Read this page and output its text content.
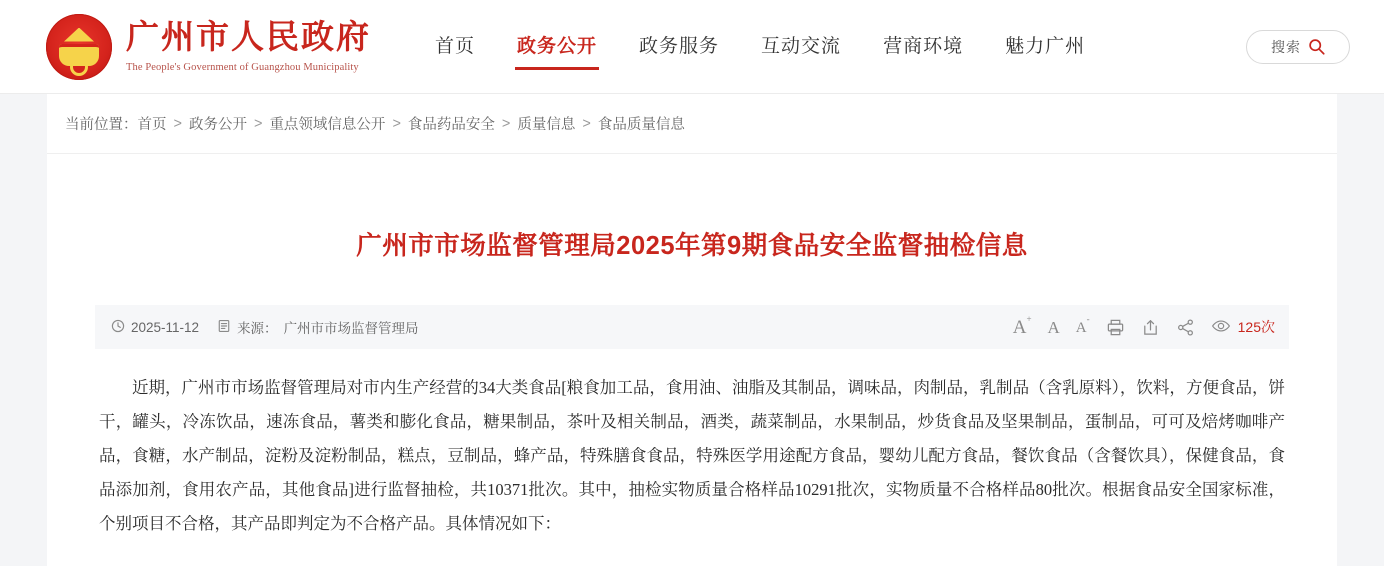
广州市人民政府
The People's Government of Guangzhou Municipality
首页 政务公开 政务服务 互动交流 营商环境 魅力广州	搜索
当前位置： 首页 > 政务公开 > 重点领域信息公开 > 食品药品安全 > 质量信息 > 食品质量信息
广州市市场监督管理局2025年第9期食品安全监督抽检信息
2025-11-12	来源： 广州市市场监督管理局	A+ A A-
125次

近期，广州市市场监督管理局对市内生产经营的34大类食品[粮食加工品，食用油、油脂及其制品，调味品，肉制品，乳制品（含乳原料），饮料，方便食品，饼干，罐头，冷冻饮品，速冻食品，薯类和膨化食品，糖果制品，茶叶及相关制品，酒类，蔬菜制品，水果制品，炒货食品及坚果制品，蛋制品，可可及焙烤咖啡产品，食糖，水产制品，淀粉及淀粉制品，糕点，豆制品，蜂产品，特殊膳食食品，特殊医学用途配方食品，婴幼儿配方食品，餐饮食品（含餐饮具），保健食品，食品添加剂，食用农产品，其他食品]进行监督抽检，共10371批次。其中，抽检实物质量合格样品10291批次，实物质量不合格样品80批次。根据食品安全国家标准，个别项目不合格，其产品即判定为不合格产品。具体情况如下：
